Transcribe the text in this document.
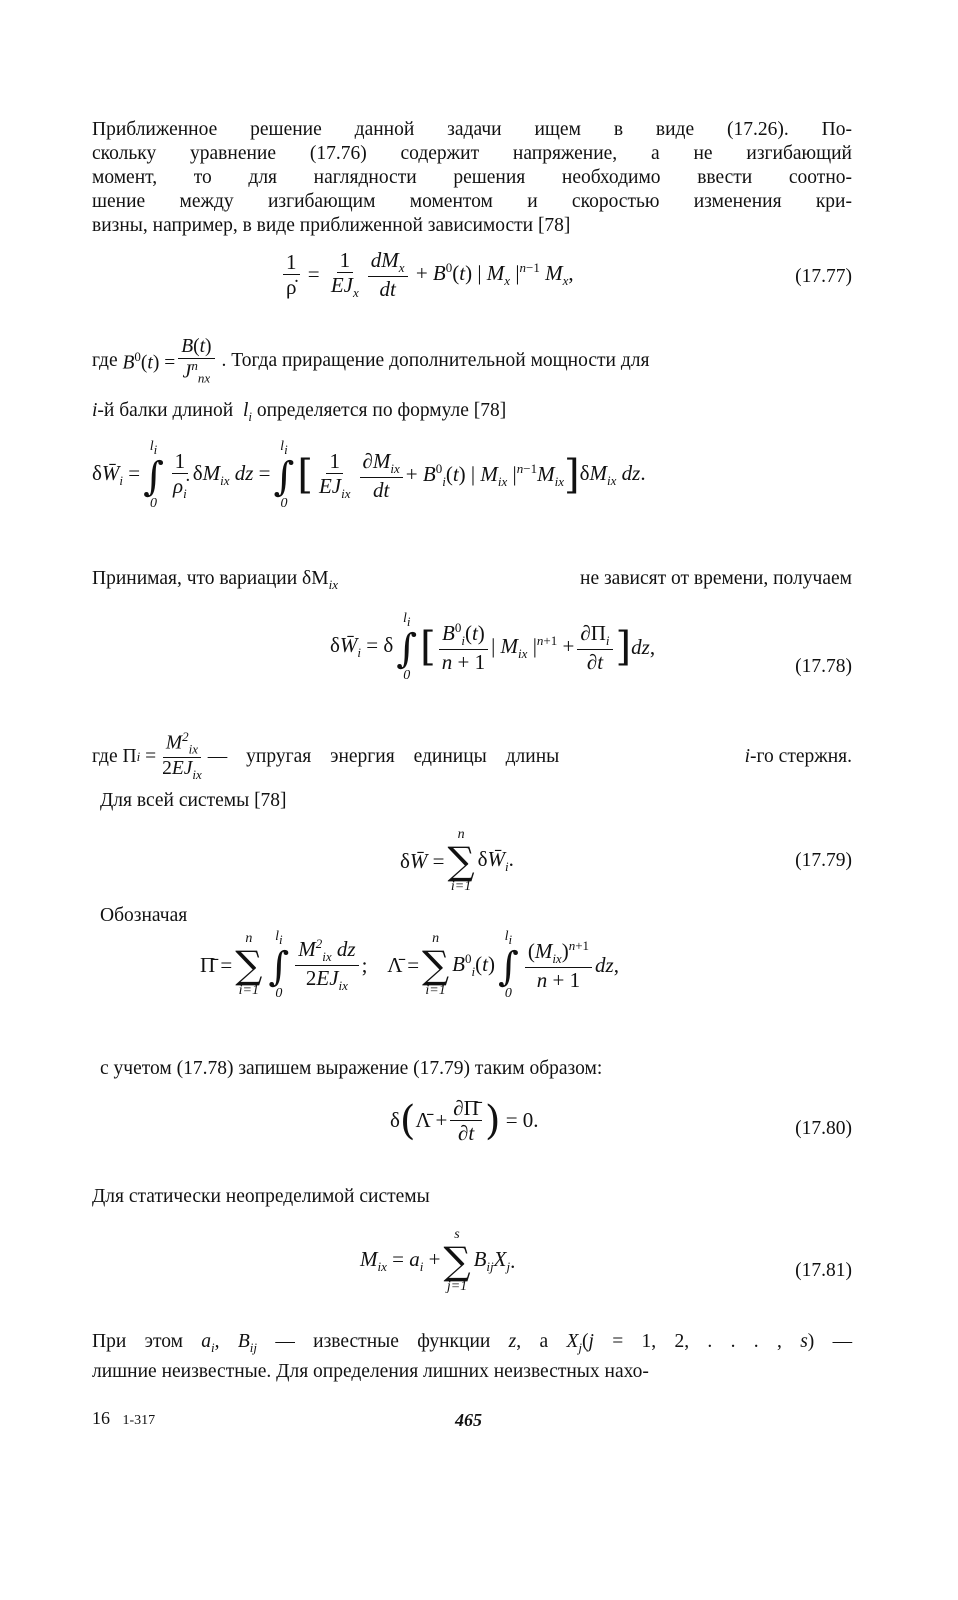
Приближенное решение данной задачи ищем в виде (17.26). По-
скольку уравнение (17.76) содержит напряжение, а не изгибающий
момент, то для наглядности решения необходимо ввести соотно-
шение между изгибающим моментом и скоростью изменения кри-
визны, например, в виде приближенной зависимости [78]
$\frac{1}{\rhȯ} = \frac{1}{EJ_x} \frac{dM_x}{dt} + B^0(t)$ | $M_x$ $|^{n-1}$ $M_x$,	(17.77)
где $B^0(t) = \frac{B(t)}{J^n_{nx}}$ . Тогда приращение дополнительной мощности для
i-й балки длиной  $l_i$ определяется по формуле [78]
$\delta W̄_i$ =
$l_i$
∫
0
$\frac{1}{\rhȯ_i} \delta M_{ix}$ dz =
$l_i$
∫
0
[ $\frac{1}{EJ_{ix}} \frac{\partial M_{ix}}{dt} + B^0_i(t)$ | $M_{ix}$ $|^{n-1}M_{ix}$ ] $\delta M_{ix}$ dz.
Принимая, что вариации $\delta M_{ix}$	не зависят от времени, получаем
$\delta W̄_i = \delta$
$l_i$
∫
0
[ $\frac{B^0_i(t)}{n + 1}$ | $M_{ix}$ $|^{n+1} + \frac{\partial П_i}{\partial t}$ ] dz ,
(17.78)
где П $i = \frac{M^2_{ix}}{2EJ_{ix}}$ — упругая энергия единицы длины	i -го стержня.
Для всей системы [78]
δW̄ =
n
∑
i=1
$\delta W̄_i$.	(17.79)
Обозначая
П̄ =
n
∑
i=1
$l_i$
∫
$0 \frac{M^2_{ix} dz}{2EJ_{ix}}$ ;    Λ̄ =
n
∑
i=1
$B^0_i(t)$
$l_i$
∫
0
$\frac{(M_{ix})^{n+1}}{n + 1}$ dz ,
с учетом (17.78) запишем выражение (17.79) таким образом:
δ ( Λ̄ + $\frac{\partial П̄}{\partial t}$ ) = 0.	(17.80)
Для статически неопределимой системы
$M_{ix} = a_i$ +
s
∑
j=1
$B_{ij}X_j$ .	(17.81)
При этом $a_i$, $B_{ij}$ — известные функции z, а $X_j(j = 1$, 2, . . . , s) —
лишние неизвестные. Для определения лишних неизвестных нахо-
16 1-317	465
